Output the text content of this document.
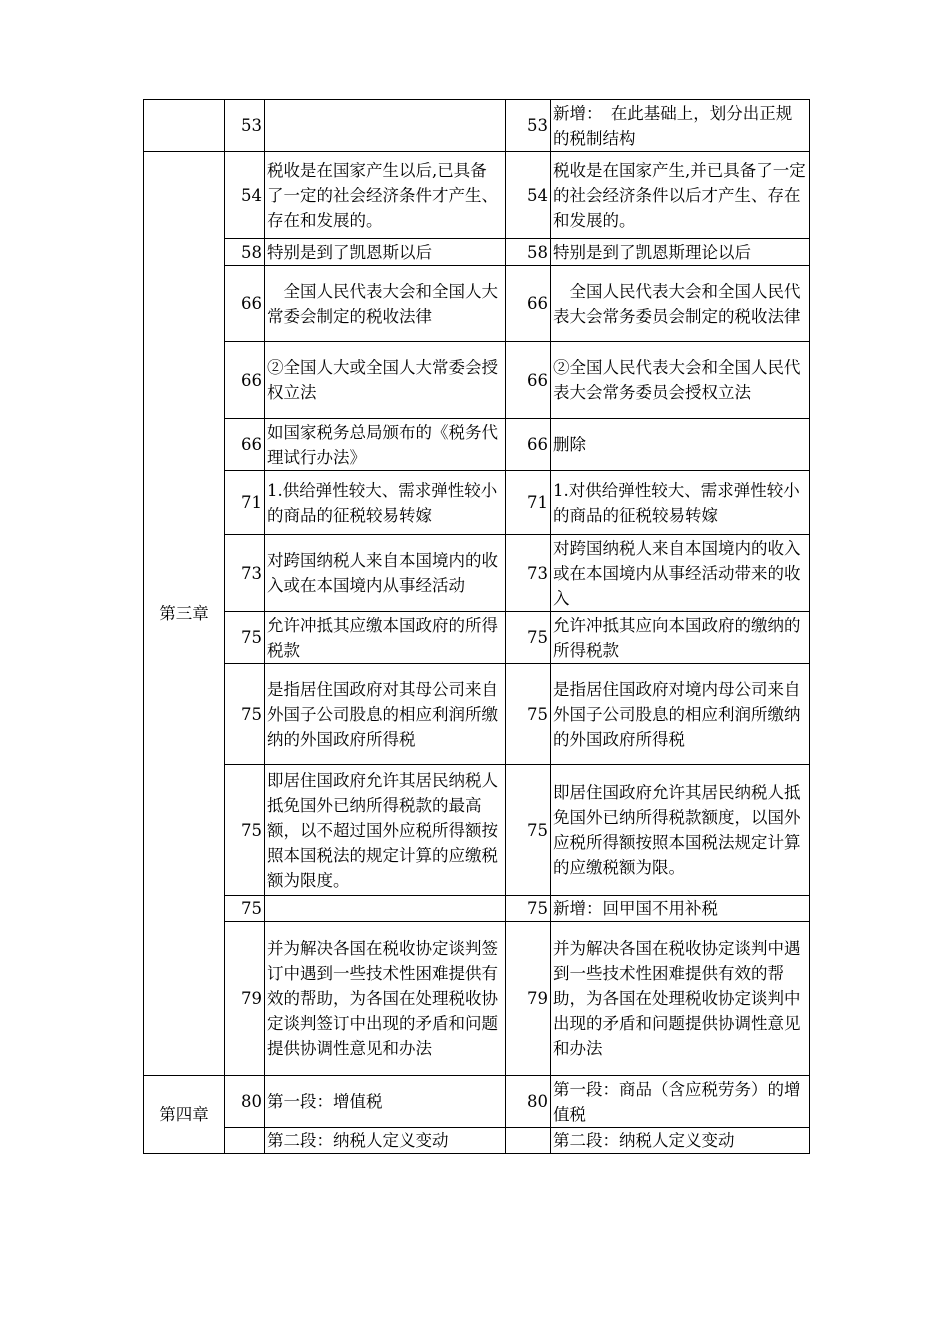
	53		53	新增：　在此基础上，划分出正规的税制结构
第三章	54	税收是在国家产生以后,已具备了一定的社会经济条件才产生、存在和发展的。	54	税收是在国家产生,并已具备了一定的社会经济条件以后才产生、存在和发展的。
	58	特别是到了凯恩斯以后	58	特别是到了凯恩斯理论以后
	66	　全国人民代表大会和全国人大常委会制定的税收法律	66	　全国人民代表大会和全国人民代表大会常务委员会制定的税收法律
	66	②全国人大或全国人大常委会授权立法	66	②全国人民代表大会和全国人民代表大会常务委员会授权立法
	66	如国家税务总局颁布的《税务代理试行办法》	66	删除
	71	1.供给弹性较大、需求弹性较小的商品的征税较易转嫁	71	1.对供给弹性较大、需求弹性较小的商品的征税较易转嫁
	73	对跨国纳税人来自本国境内的收入或在本国境内从事经活动	73	对跨国纳税人来自本国境内的收入或在本国境内从事经活动带来的收入
	75	允许冲抵其应缴本国政府的所得税款	75	允许冲抵其应向本国政府的缴纳的所得税款
	75	是指居住国政府对其母公司来自外国子公司股息的相应利润所缴纳的外国政府所得税	75	是指居住国政府对境内母公司来自外国子公司股息的相应利润所缴纳的外国政府所得税
	75	即居住国政府允许其居民纳税人抵免国外已纳所得税款的最高额，以不超过国外应税所得额按照本国税法的规定计算的应缴税额为限度。	75	即居住国政府允许其居民纳税人抵免国外已纳所得税款额度，以国外应税所得额按照本国税法规定计算的应缴税额为限。
	75		75	新增：回甲国不用补税
	79	并为解决各国在税收协定谈判签订中遇到一些技术性困难提供有效的帮助，为各国在处理税收协定谈判签订中出现的矛盾和问题提供协调性意见和办法	79	并为解决各国在税收协定谈判中遇到一些技术性困难提供有效的帮助，为各国在处理税收协定谈判中出现的矛盾和问题提供协调性意见和办法
第四章	80	第一段：增值税	80	第一段：商品（含应税劳务）的增值税
		第二段：纳税人定义变动		第二段：纳税人定义变动
